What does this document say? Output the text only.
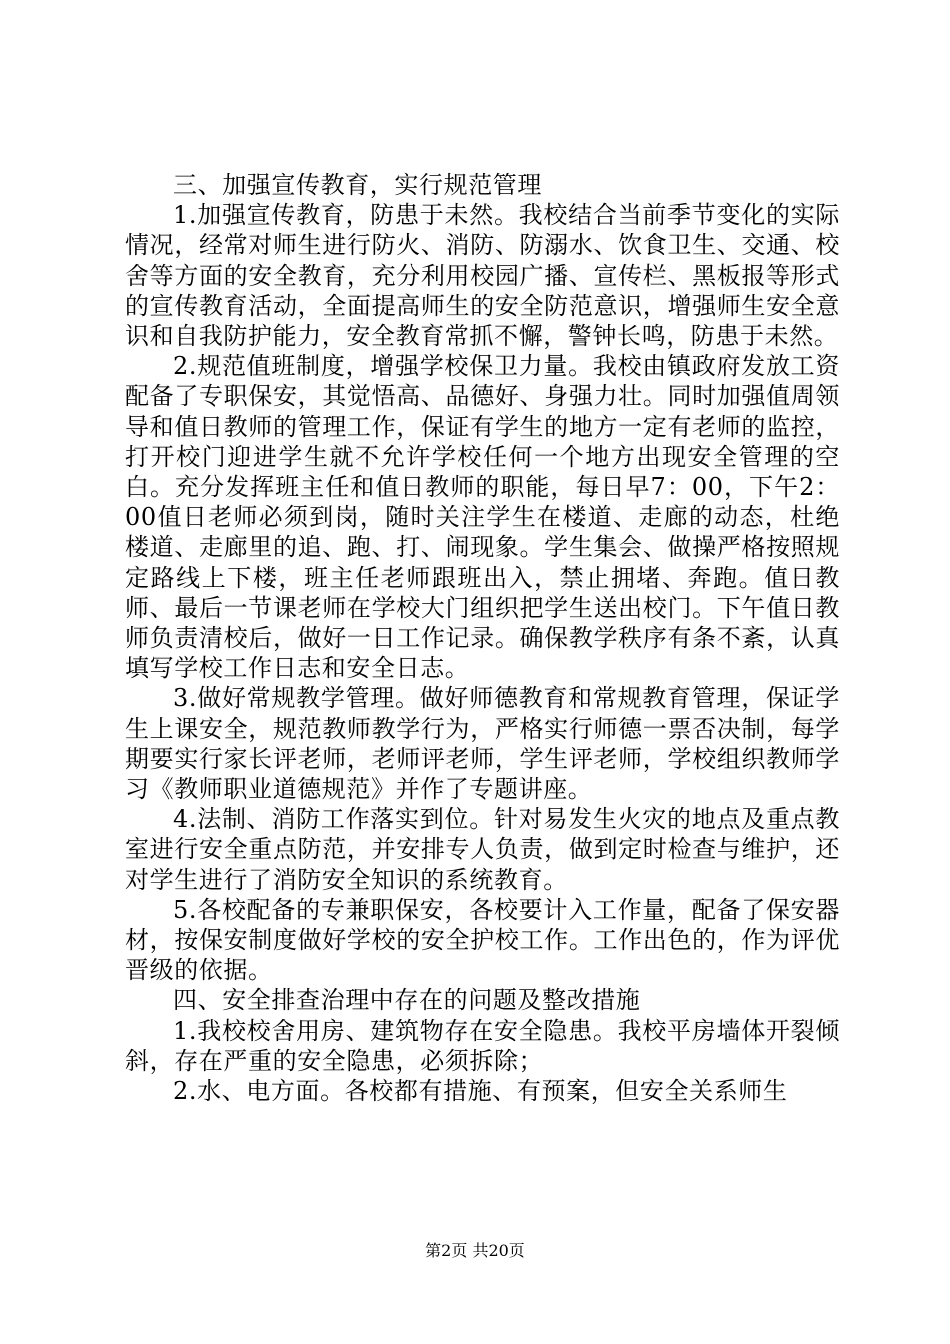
三、加强宣传教育，实行规范管理

1.加强宣传教育，防患于未然。我校结合当前季节变化的实际情况，经常对师生进行防火、消防、防溺水、饮食卫生、交通、校舍等方面的安全教育，充分利用校园广播、宣传栏、黑板报等形式的宣传教育活动，全面提高师生的安全防范意识，增强师生安全意识和自我防护能力，安全教育常抓不懈，警钟长鸣，防患于未然。

2.规范值班制度，增强学校保卫力量。我校由镇政府发放工资配备了专职保安，其觉悟高、品德好、身强力壮。同时加强值周领导和值日教师的管理工作，保证有学生的地方一定有老师的监控，打开校门迎进学生就不允许学校任何一个地方出现安全管理的空白。充分发挥班主任和值日教师的职能，每日早7：00，下午2：00值日老师必须到岗，随时关注学生在楼道、走廊的动态，杜绝楼道、走廊里的追、跑、打、闹现象。学生集会、做操严格按照规定路线上下楼，班主任老师跟班出入，禁止拥堵、奔跑。值日教师、最后一节课老师在学校大门组织把学生送出校门。下午值日教师负责清校后，做好一日工作记录。确保教学秩序有条不紊，认真填写学校工作日志和安全日志。

3.做好常规教学管理。做好师德教育和常规教育管理，保证学生上课安全，规范教师教学行为，严格实行师德一票否决制，每学期要实行家长评老师，老师评老师，学生评老师，学校组织教师学习《教师职业道德规范》并作了专题讲座。

4.法制、消防工作落实到位。针对易发生火灾的地点及重点教室进行安全重点防范，并安排专人负责，做到定时检查与维护，还对学生进行了消防安全知识的系统教育。

5.各校配备的专兼职保安，各校要计入工作量，配备了保安器材，按保安制度做好学校的安全护校工作。工作出色的，作为评优晋级的依据。

四、安全排查治理中存在的问题及整改措施

1.我校校舍用房、建筑物存在安全隐患。我校平房墙体开裂倾斜，存在严重的安全隐患，必须拆除；

2.水、电方面。各校都有措施、有预案，但安全关系师生

第2页 共20页
